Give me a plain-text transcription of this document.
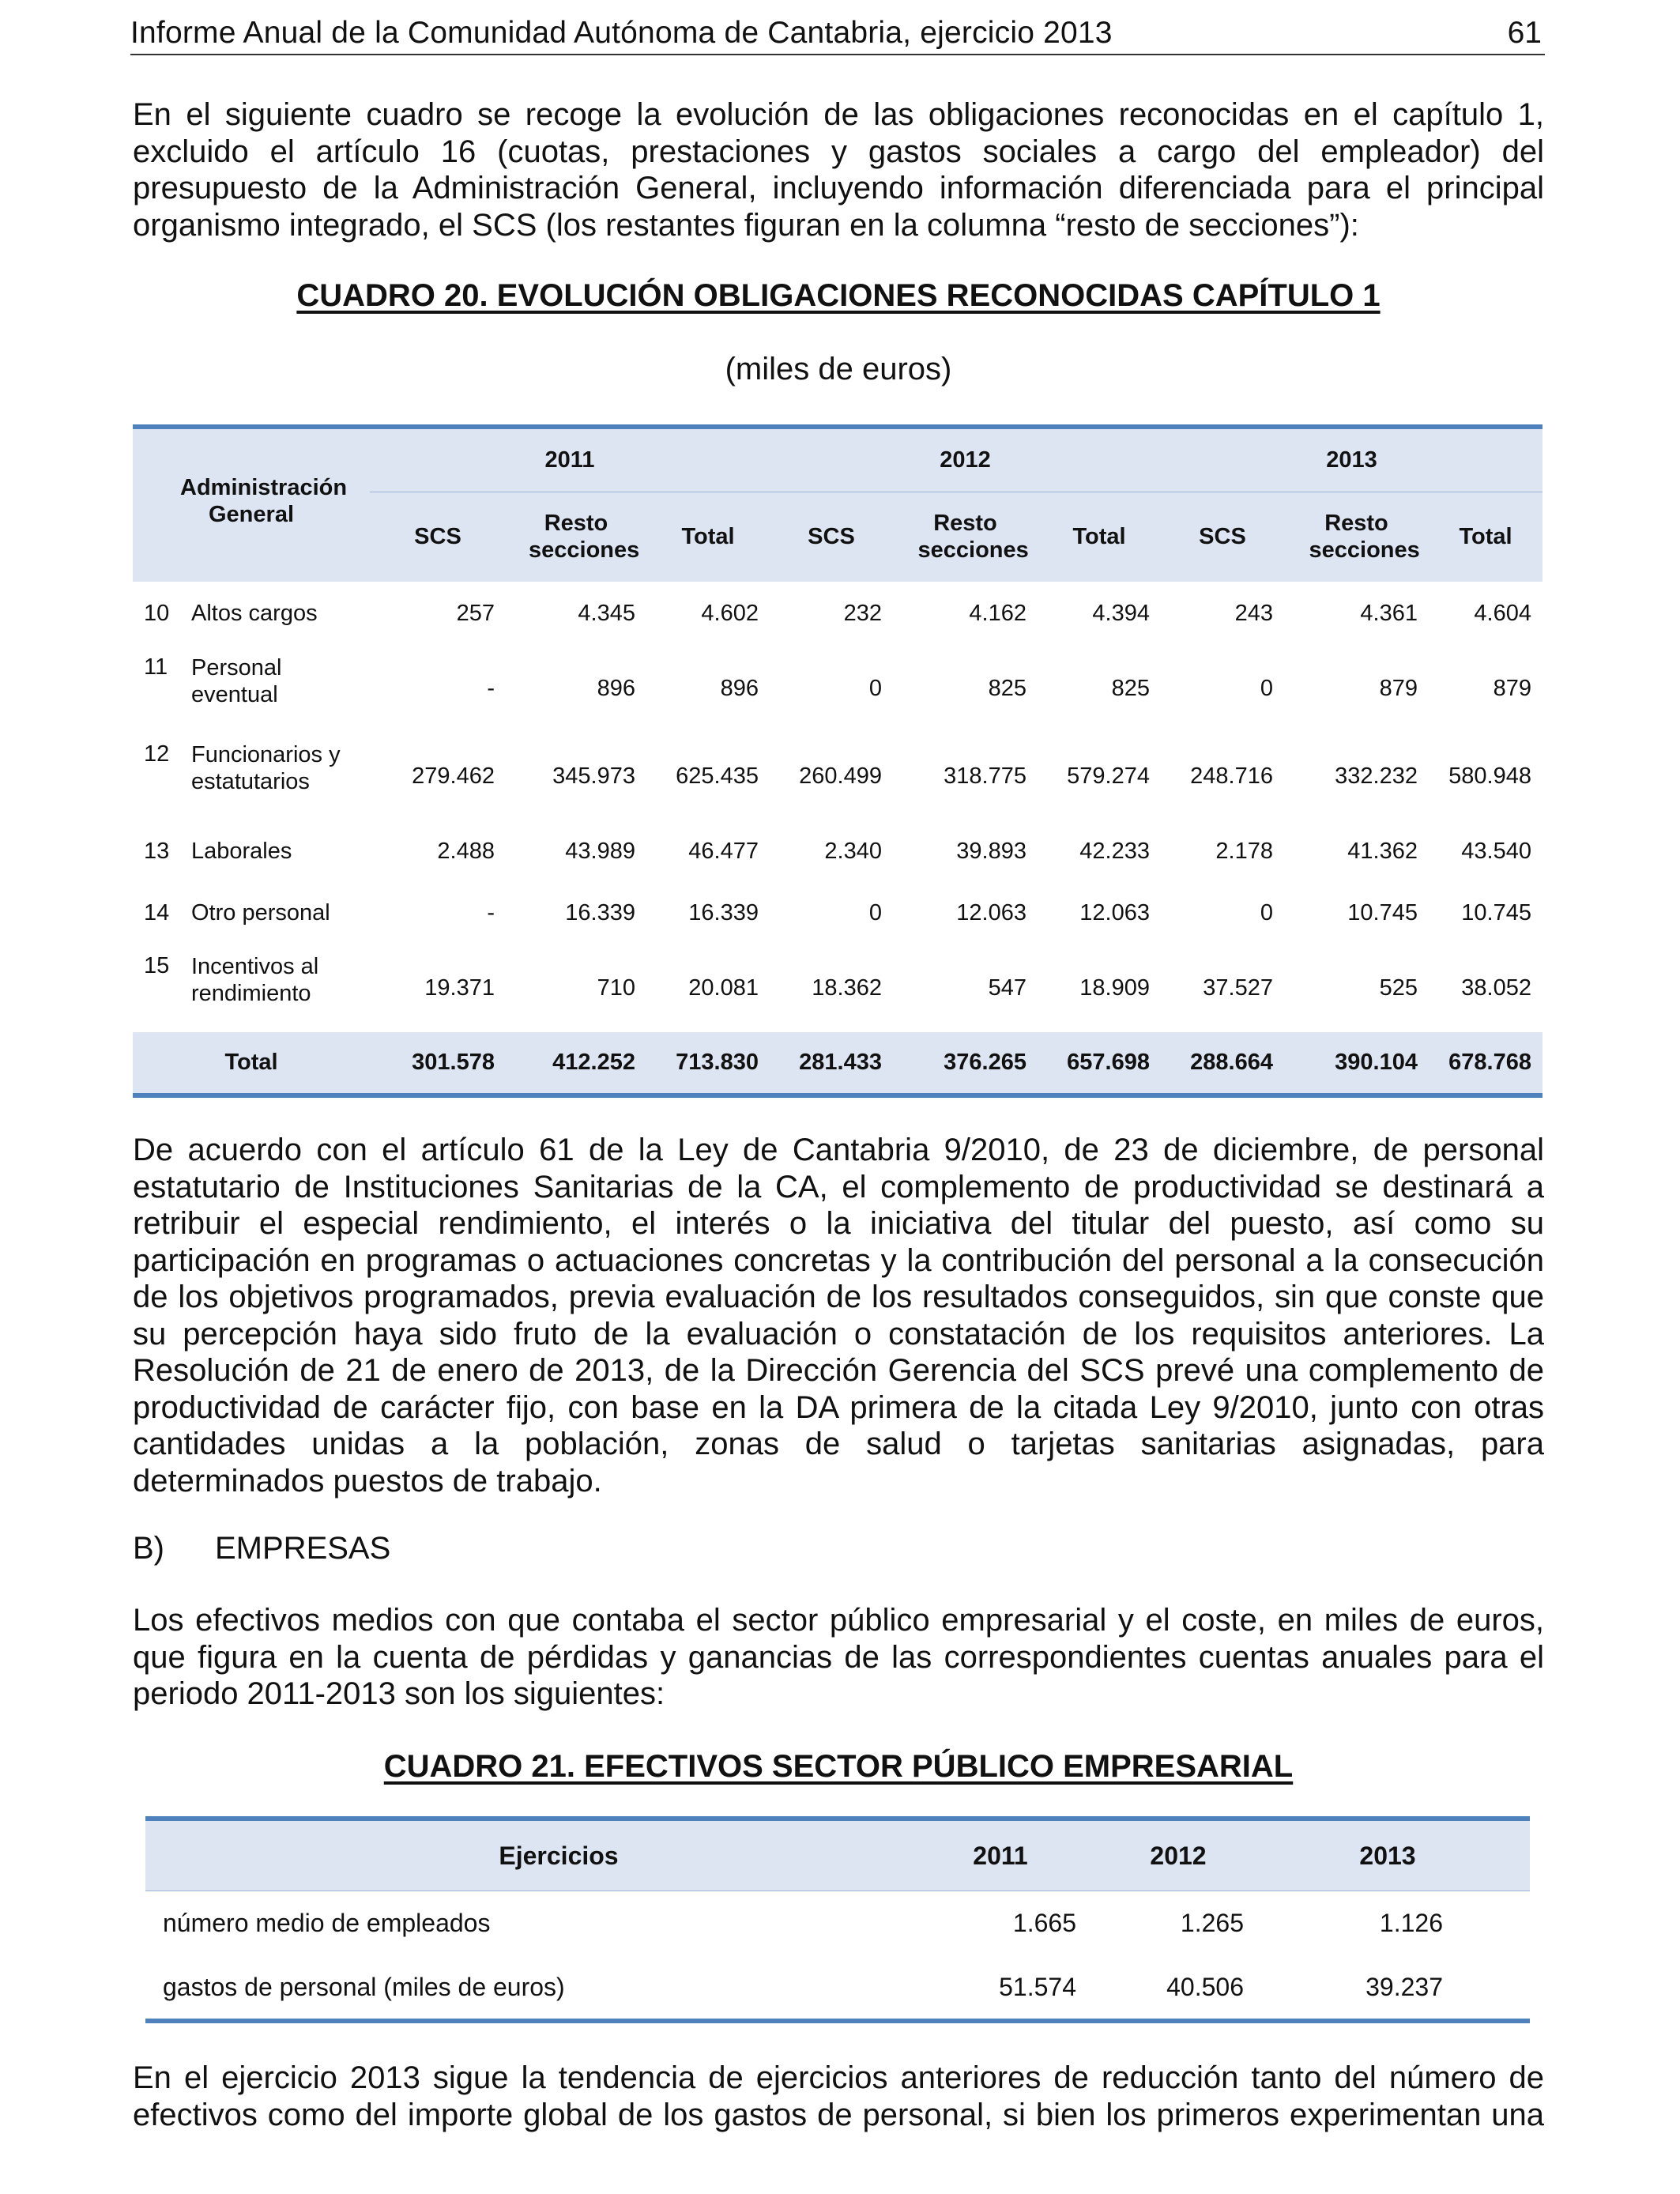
Informe Anual de la Comunidad Autónoma de Cantabria, ejercicio 2013	61
En el siguiente cuadro se recoge la evolución de las obligaciones reconocidas en el capítulo 1,
excluido el artículo 16 (cuotas, prestaciones y gastos sociales a cargo del empleador) del
presupuesto de la Administración General, incluyendo información diferenciada para el principal
organismo integrado, el SCS (los restantes figuran en la columna “resto de secciones”):
CUADRO 20. EVOLUCIÓN OBLIGACIONES RECONOCIDAS CAPÍTULO 1
(miles de euros)
Administración General		2011			2012			2013		
		SCS	Resto secciones	Total	SCS	Resto secciones	Total	SCS	Resto secciones	Total
10	Altos cargos	257	4.345	4.602	232	4.162	4.394	243	4.361	4.604
11	Personal eventual	-	896	896	0	825	825	0	879	879
12	Funcionarios y estatutarios	279.462	345.973	625.435	260.499	318.775	579.274	248.716	332.232	580.948
13	Laborales	2.488	43.989	46.477	2.340	39.893	42.233	2.178	41.362	43.540
14	Otro personal	-	16.339	16.339	0	12.063	12.063	0	10.745	10.745
15	Incentivos al rendimiento	19.371	710	20.081	18.362	547	18.909	37.527	525	38.052
Total		301.578	412.252	713.830	281.433	376.265	657.698	288.664	390.104	678.768
De acuerdo con el artículo 61 de la Ley de Cantabria 9/2010, de 23 de diciembre, de personal
estatutario de Instituciones Sanitarias de la CA, el complemento de productividad se destinará a
retribuir el especial rendimiento, el interés o la iniciativa del titular del puesto, así como su
participación en programas o actuaciones concretas y la contribución del personal a la consecución
de los objetivos programados, previa evaluación de los resultados conseguidos, sin que conste que
su percepción haya sido fruto de la evaluación o constatación de los requisitos anteriores. La
Resolución de 21 de enero de 2013, de la Dirección Gerencia del SCS prevé una complemento de
productividad de carácter fijo, con base en la DA primera de la citada Ley 9/2010, junto con otras
cantidades unidas a la población, zonas de salud o tarjetas sanitarias asignadas, para
determinados puestos de trabajo.
B) EMPRESAS
Los efectivos medios con que contaba el sector público empresarial y el coste, en miles de euros,
que figura en la cuenta de pérdidas y ganancias de las correspondientes cuentas anuales para el
periodo 2011-2013 son los siguientes:
CUADRO 21. EFECTIVOS SECTOR PÚBLICO EMPRESARIAL
Ejercicios	2011	2012	2013
número medio de empleados	1.665	1.265	1.126
gastos de personal (miles de euros)	51.574	40.506	39.237
En el ejercicio 2013 sigue la tendencia de ejercicios anteriores de reducción tanto del número de
efectivos como del importe global de los gastos de personal, si bien los primeros experimentan una
